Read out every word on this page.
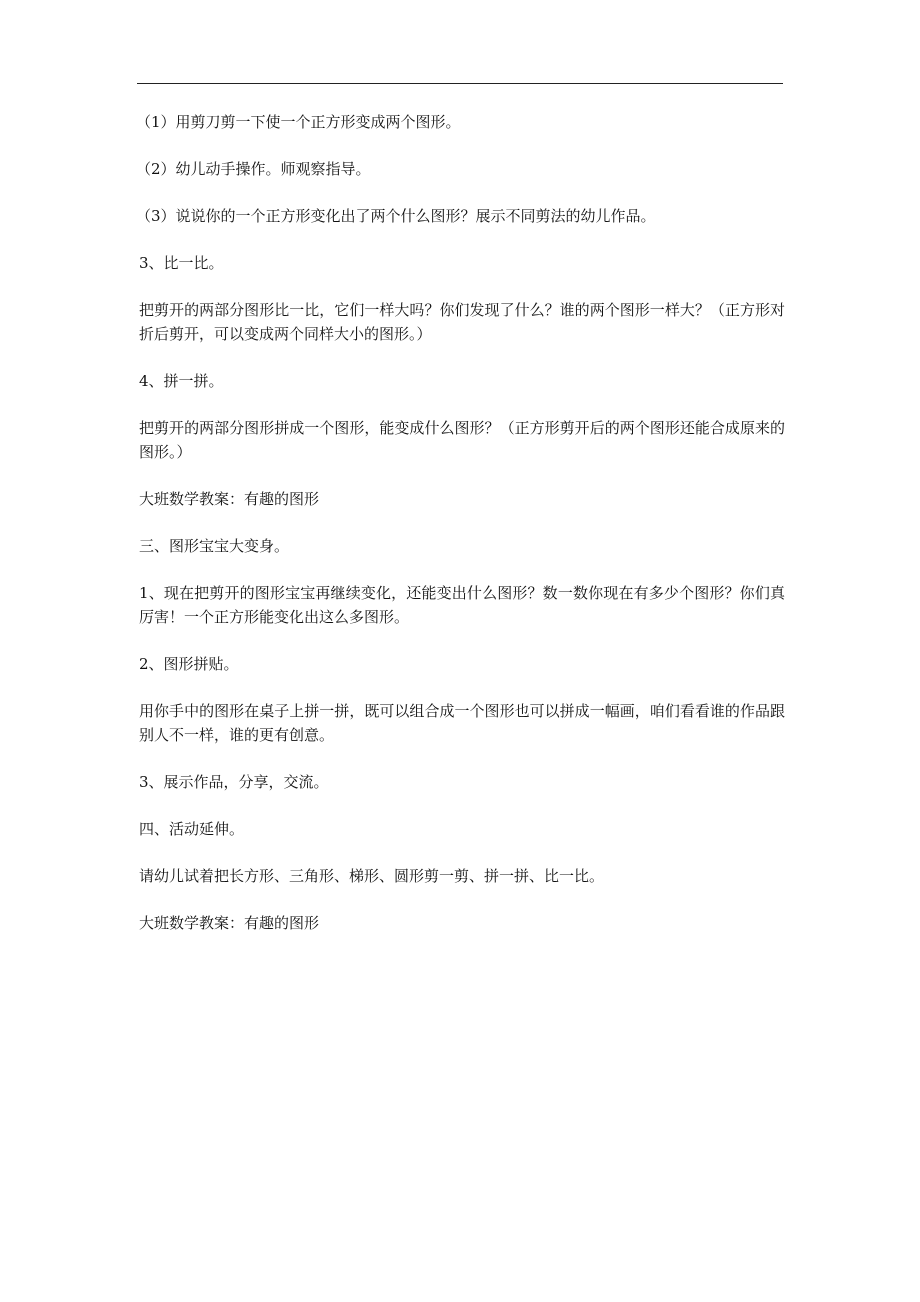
（1）用剪刀剪一下使一个正方形变成两个图形。

（2）幼儿动手操作。师观察指导。

（3）说说你的一个正方形变化出了两个什么图形？展示不同剪法的幼儿作品。

3、比一比。

把剪开的两部分图形比一比，它们一样大吗？你们发现了什么？谁的两个图形一样大？（正方形对折后剪开，可以变成两个同样大小的图形。）

4、拼一拼。

把剪开的两部分图形拼成一个图形，能变成什么图形？（正方形剪开后的两个图形还能合成原来的图形。）

大班数学教案：有趣的图形

三、图形宝宝大变身。

1、现在把剪开的图形宝宝再继续变化，还能变出什么图形？数一数你现在有多少个图形？你们真厉害！一个正方形能变化出这么多图形。

2、图形拼贴。

用你手中的图形在桌子上拼一拼，既可以组合成一个图形也可以拼成一幅画，咱们看看谁的作品跟别人不一样，谁的更有创意。

3、展示作品，分享，交流。

四、活动延伸。

请幼儿试着把长方形、三角形、梯形、圆形剪一剪、拼一拼、比一比。

大班数学教案：有趣的图形
